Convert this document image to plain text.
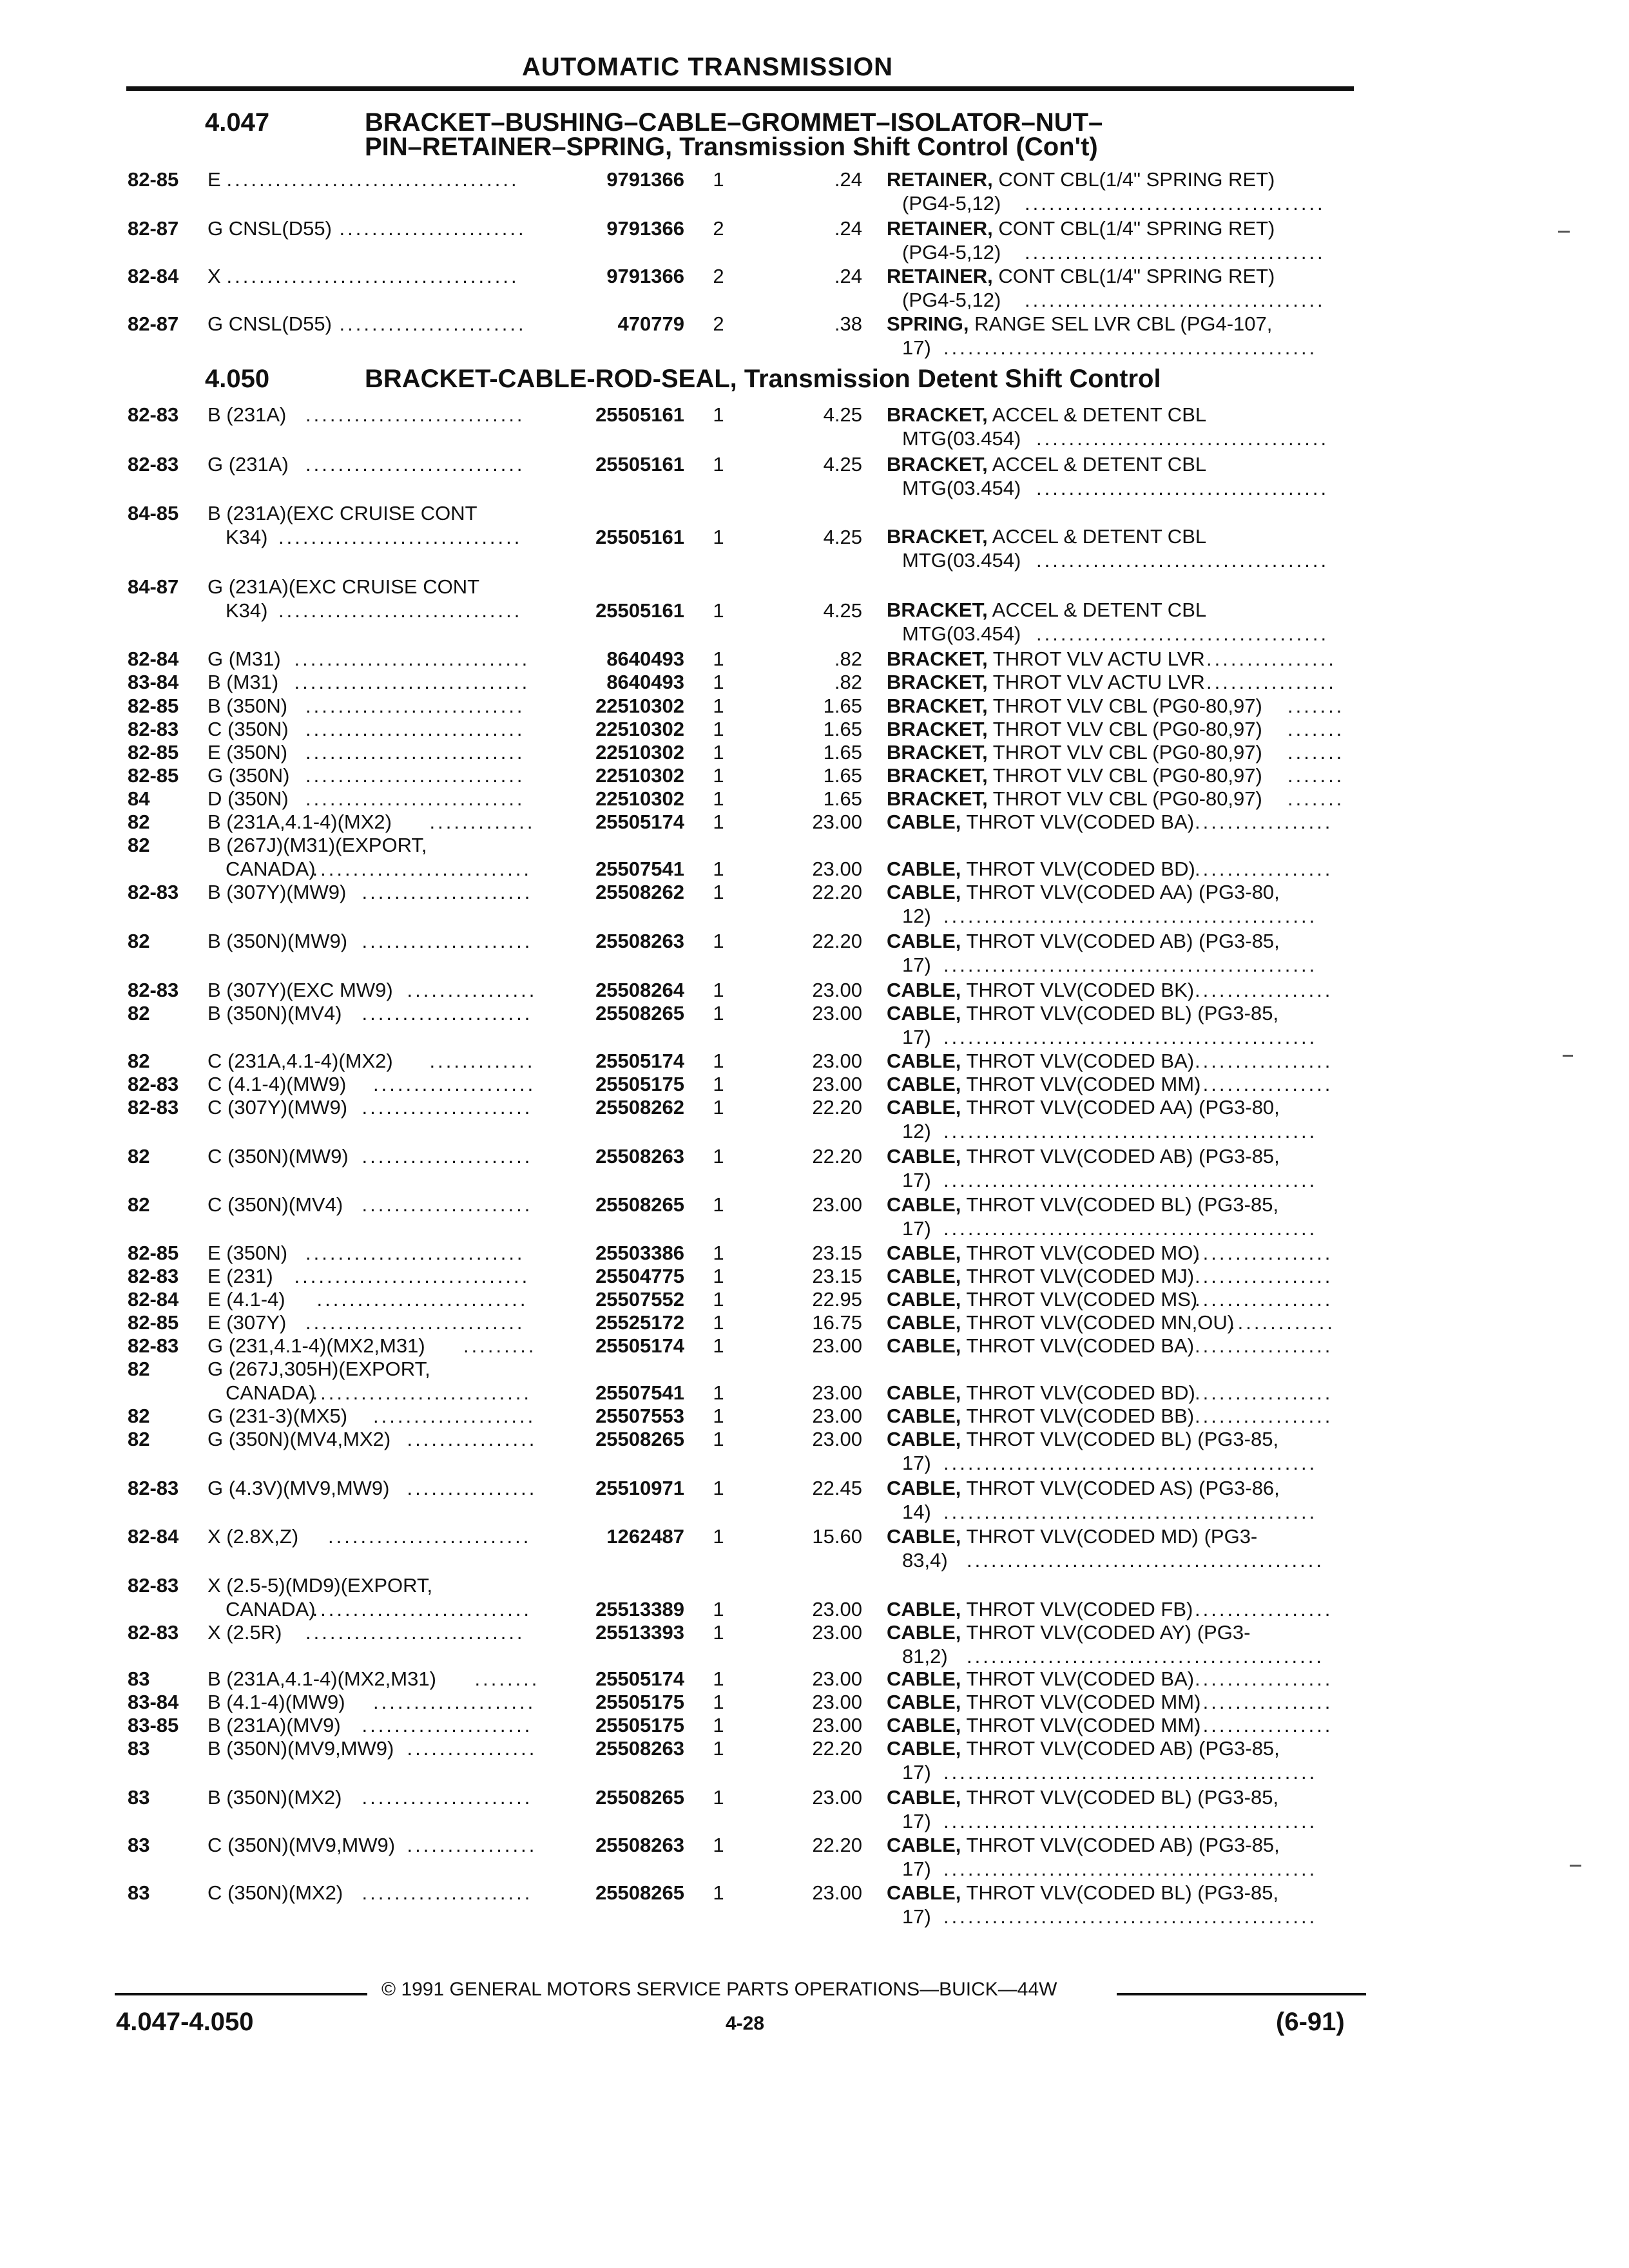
AUTOMATIC TRANSMISSION
4.047	BRACKET–BUSHING–CABLE–GROMMET–ISOLATOR–NUT–
PIN–RETAINER–SPRING, Transmission Shift Control (Con't)
82-85 E ....................................	9791366 1	.24 RETAINER, CONT CBL(1/4" SPRING RET)
(PG4-5,12) .....................................
82-87 G CNSL(D55) .......................	9791366 2	.24 RETAINER, CONT CBL(1/4" SPRING RET)
(PG4-5,12) .....................................
82-84 X ....................................	9791366 2	.24 RETAINER, CONT CBL(1/4" SPRING RET)
(PG4-5,12) .....................................
82-87 G CNSL(D55) .......................	470779 2	.38 SPRING, RANGE SEL LVR CBL (PG4-107,
17) ..............................................
4.050	BRACKET-CABLE-ROD-SEAL, Transmission Detent Shift Control
82-83 B (231A) ...........................	25505161 1	4.25 BRACKET, ACCEL & DETENT CBL
MTG(03.454) ....................................
82-83 G (231A) ...........................	25505161 1	4.25 BRACKET, ACCEL & DETENT CBL
MTG(03.454) ....................................
84-85 B (231A)(EXC CRUISE CONT
..............................
K34)	25505161 1	4.25 BRACKET, ACCEL & DETENT CBL
MTG(03.454) ....................................
84-87 G (231A)(EXC CRUISE CONT
..............................
K34)	25505161 1	4.25 BRACKET, ACCEL & DETENT CBL
MTG(03.454) ....................................
82-84 G (M31) .............................	8640493 1	.82 BRACKET, THROT VLV ACTU LVR ................
83-84 B (M31) .............................	8640493 1	.82 BRACKET, THROT VLV ACTU LVR ................
82-85 B (350N) ...........................	22510302 1	1.65 BRACKET, THROT VLV CBL (PG0-80,97) .......
82-83 C (350N) ...........................	22510302 1	1.65 BRACKET, THROT VLV CBL (PG0-80,97) .......
82-85 E (350N) ...........................	22510302 1	1.65 BRACKET, THROT VLV CBL (PG0-80,97) .......
82-85 G (350N) ...........................	22510302 1	1.65 BRACKET, THROT VLV CBL (PG0-80,97) .......
84	D (350N) ...........................	22510302 1	1.65 BRACKET, THROT VLV CBL (PG0-80,97) .......
82	B (231A,4.1-4)(MX2) .............	25505174 1	23.00 CABLE, THROT VLV(CODED BA) .................
82	B (267J)(M31)(EXPORT,
...........................
CANADA)	25507541 1	23.00 CABLE, THROT VLV(CODED BD) .................
82-83 B (307Y)(MW9) .....................	25508262 1	22.20 CABLE, THROT VLV(CODED AA) (PG3-80,
12) ..............................................
82	B (350N)(MW9) .....................	25508263 1	22.20 CABLE, THROT VLV(CODED AB) (PG3-85,
17) ..............................................
82-83 B (307Y)(EXC MW9) ................	25508264 1	23.00 CABLE, THROT VLV(CODED BK) .................
82	B (350N)(MV4) .....................	25508265 1	23.00 CABLE, THROT VLV(CODED BL) (PG3-85,
17) ..............................................
82	C (231A,4.1-4)(MX2) .............	25505174 1	23.00 CABLE, THROT VLV(CODED BA) .................
82-83 C (4.1-4)(MW9) ....................	25505175 1	23.00 CABLE, THROT VLV(CODED MM)
.................
82-83 C (307Y)(MW9) .....................	25508262 1	22.20 CABLE, THROT VLV(CODED AA) (PG3-80,
12) ..............................................
82	C (350N)(MW9) .....................	25508263 1	22.20 CABLE, THROT VLV(CODED AB) (PG3-85,
17) ..............................................
82	C (350N)(MV4) .....................	25508265 1	23.00 CABLE, THROT VLV(CODED BL) (PG3-85,
17) ..............................................
82-85 E (350N) ...........................	25503386 1	23.15 CABLE, THROT VLV(CODED MO)
.................
82-83 E (231) .............................	25504775 1	23.15 CABLE, THROT VLV(CODED MJ) .................
82-84 E (4.1-4) ..........................	25507552 1	22.95 CABLE, THROT VLV(CODED MS)
.................
82-85 E (307Y) ...........................	25525172 1	16.75 CABLE, THROT VLV(CODED MN,OU)
.............
82-83 G (231,4.1-4)(MX2,M31) .........	25505174 1	23.00 CABLE, THROT VLV(CODED BA) .................
82	G (267J,305H)(EXPORT,
...........................
CANADA)	25507541 1	23.00 CABLE, THROT VLV(CODED BD) .................
82	G (231-3)(MX5) ....................	25507553 1	23.00 CABLE, THROT VLV(CODED BB) .................
82	G (350N)(MV4,MX2) ................	25508265 1	23.00 CABLE, THROT VLV(CODED BL) (PG3-85,
17) ..............................................
82-83 G (4.3V)(MV9,MW9) ................	25510971 1	22.45 CABLE, THROT VLV(CODED AS) (PG3-86,
14) ..............................................
82-84 X (2.8X,Z) .........................	1262487 1	15.60 CABLE, THROT VLV(CODED MD) (PG3-
83,4) ............................................
82-83 X (2.5-5)(MD9)(EXPORT,
...........................
CANADA)	25513389 1	23.00 CABLE, THROT VLV(CODED FB) .................
82-83 X (2.5R) ...........................	25513393 1	23.00 CABLE, THROT VLV(CODED AY) (PG3-
81,2) ............................................
83	B (231A,4.1-4)(MX2,M31) ........	25505174 1	23.00 CABLE, THROT VLV(CODED BA) .................
83-84 B (4.1-4)(MW9) ....................	25505175 1	23.00 CABLE, THROT VLV(CODED MM)
.................
83-85 B (231A)(MV9) .....................	25505175 1	23.00 CABLE, THROT VLV(CODED MM)
.................
83	B (350N)(MV9,MW9) ................	25508263 1	22.20 CABLE, THROT VLV(CODED AB) (PG3-85,
17) ..............................................
83	B (350N)(MX2) .....................	25508265 1	23.00 CABLE, THROT VLV(CODED BL) (PG3-85,
17) ..............................................
83	C (350N)(MV9,MW9) ................	25508263 1	22.20 CABLE, THROT VLV(CODED AB) (PG3-85,
17) ..............................................
83	C (350N)(MX2) .....................	25508265 1	23.00 CABLE, THROT VLV(CODED BL) (PG3-85,
17) ..............................................
© 1991 GENERAL MOTORS SERVICE PARTS OPERATIONS—BUICK—44W
4.047-4.050	4-28	(6-91)
